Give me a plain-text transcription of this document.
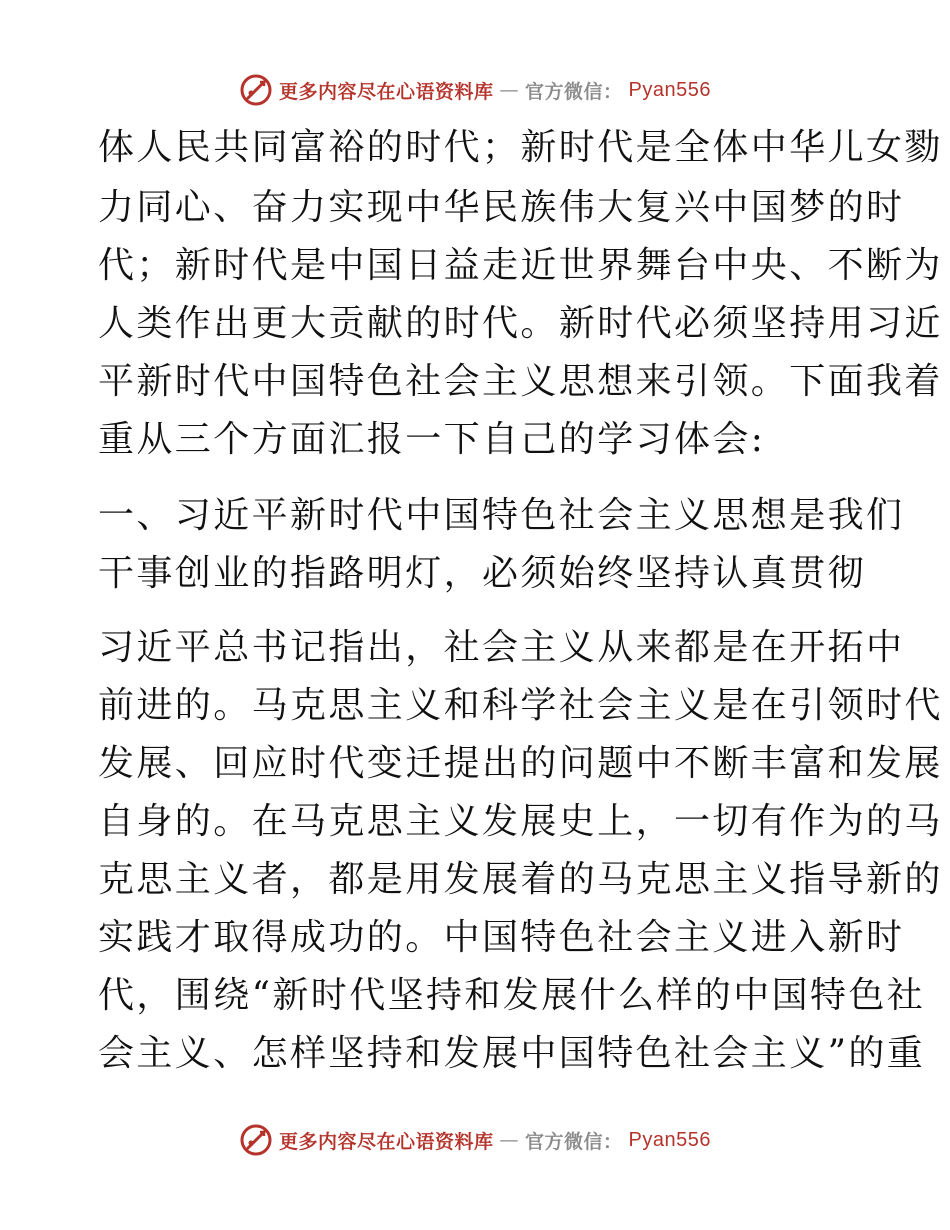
更多内容尽在心语资料库 — 官方微信： Pyan556
体人民共同富裕的时代；新时代是全体中华儿女勠
力同心、奋力实现中华民族伟大复兴中国梦的时
代；新时代是中国日益走近世界舞台中央、不断为
人类作出更大贡献的时代。新时代必须坚持用习近
平新时代中国特色社会主义思想来引领。下面我着
重从三个方面汇报一下自己的学习体会:
一、习近平新时代中国特色社会主义思想是我们
干事创业的指路明灯，必须始终坚持认真贯彻
习近平总书记指出，社会主义从来都是在开拓中
前进的。马克思主义和科学社会主义是在引领时代
发展、回应时代变迁提出的问题中不断丰富和发展
自身的。在马克思主义发展史上，一切有作为的马
克思主义者，都是用发展着的马克思主义指导新的
实践才取得成功的。中国特色社会主义进入新时
代，围绕“新时代坚持和发展什么样的中国特色社
会主义、怎样坚持和发展中国特色社会主义”的重
更多内容尽在心语资料库 — 官方微信： Pyan556
